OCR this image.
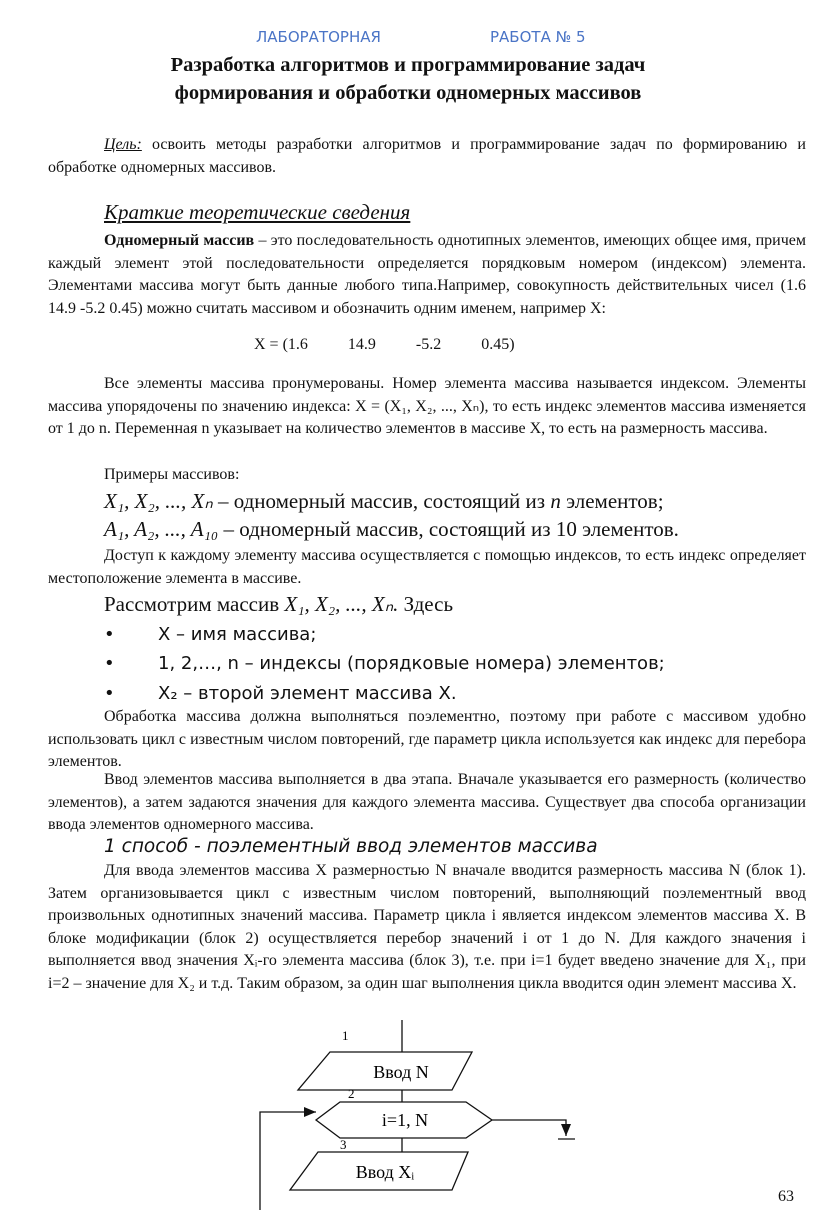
ЛАБОРАТОРНАЯ	РАБОТА № 5
Разработка алгоритмов и программирование задач
формирования и обработки одномерных массивов
Цель: освоить методы разработки алгоритмов и программирование задач по формированию и обработке одномерных массивов.
Краткие теоретические сведения
Одномерный массив – это последовательность однотипных элементов, имеющих общее имя, причем каждый элемент этой последовательности определяется порядковым номером (индексом) элемента. Элементами массива могут быть данные любого типа.Например, совокупность действительных чисел (1.6 14.9 -5.2 0.45) можно считать массивом и обозначить одним именем, например X:
X = (1.6          14.9          -5.2          0.45)
Все элементы массива пронумерованы. Номер элемента массива называется индексом. Элементы массива упорядочены по значению индекса: X = (X₁, X₂, ..., Xₙ), то есть индекс элементов массива изменяется от 1 до n. Переменная n указывает на количество элементов в массиве X, то есть на размерность массива.
Примеры массивов:
X₁, X₂, ..., Xₙ – одномерный массив, состоящий из n элементов;
A₁, A₂, ..., A₁₀ – одномерный массив, состоящий из 10 элементов.
Доступ к каждому элементу массива осуществляется с помощью индексов, то есть индекс определяет местоположение элемента в массиве.
Рассмотрим массив X₁, X₂, ..., Xₙ. Здесь
• X – имя массива;
• 1, 2,…, n – индексы (порядковые номера) элементов;
• X₂ – второй элемент массива X.
Обработка массива должна выполняться поэлементно, поэтому при работе с массивом удобно использовать цикл с известным числом повторений, где параметр цикла используется как индекс для перебора элементов.
Ввод элементов массива выполняется в два этапа. Вначале указывается его размерность (количество элементов), а затем задаются значения для каждого элемента массива. Существует два способа организации ввода элементов одномерного массива.
1 способ - поэлементный ввод элементов массива
Для ввода элементов массива X размерностью N вначале вводится размерность массива N (блок 1). Затем организовывается цикл с известным числом повторений, выполняющий поэлементный ввод произвольных однотипных значений массива. Параметр цикла i является индексом элементов массива X. В блоке модификации (блок 2) осуществляется перебор значений i от 1 до N. Для каждого значения i выполняется ввод значения Xᵢ-го элемента массива (блок 3), т.е. при i=1 будет введено значение для X₁, при i=2 – значение для X₂ и т.д. Таким образом, за один шаг выполнения цикла вводится один элемент массива X.
1
Ввод N
2
i=1, N
3
Ввод Xᵢ
63
